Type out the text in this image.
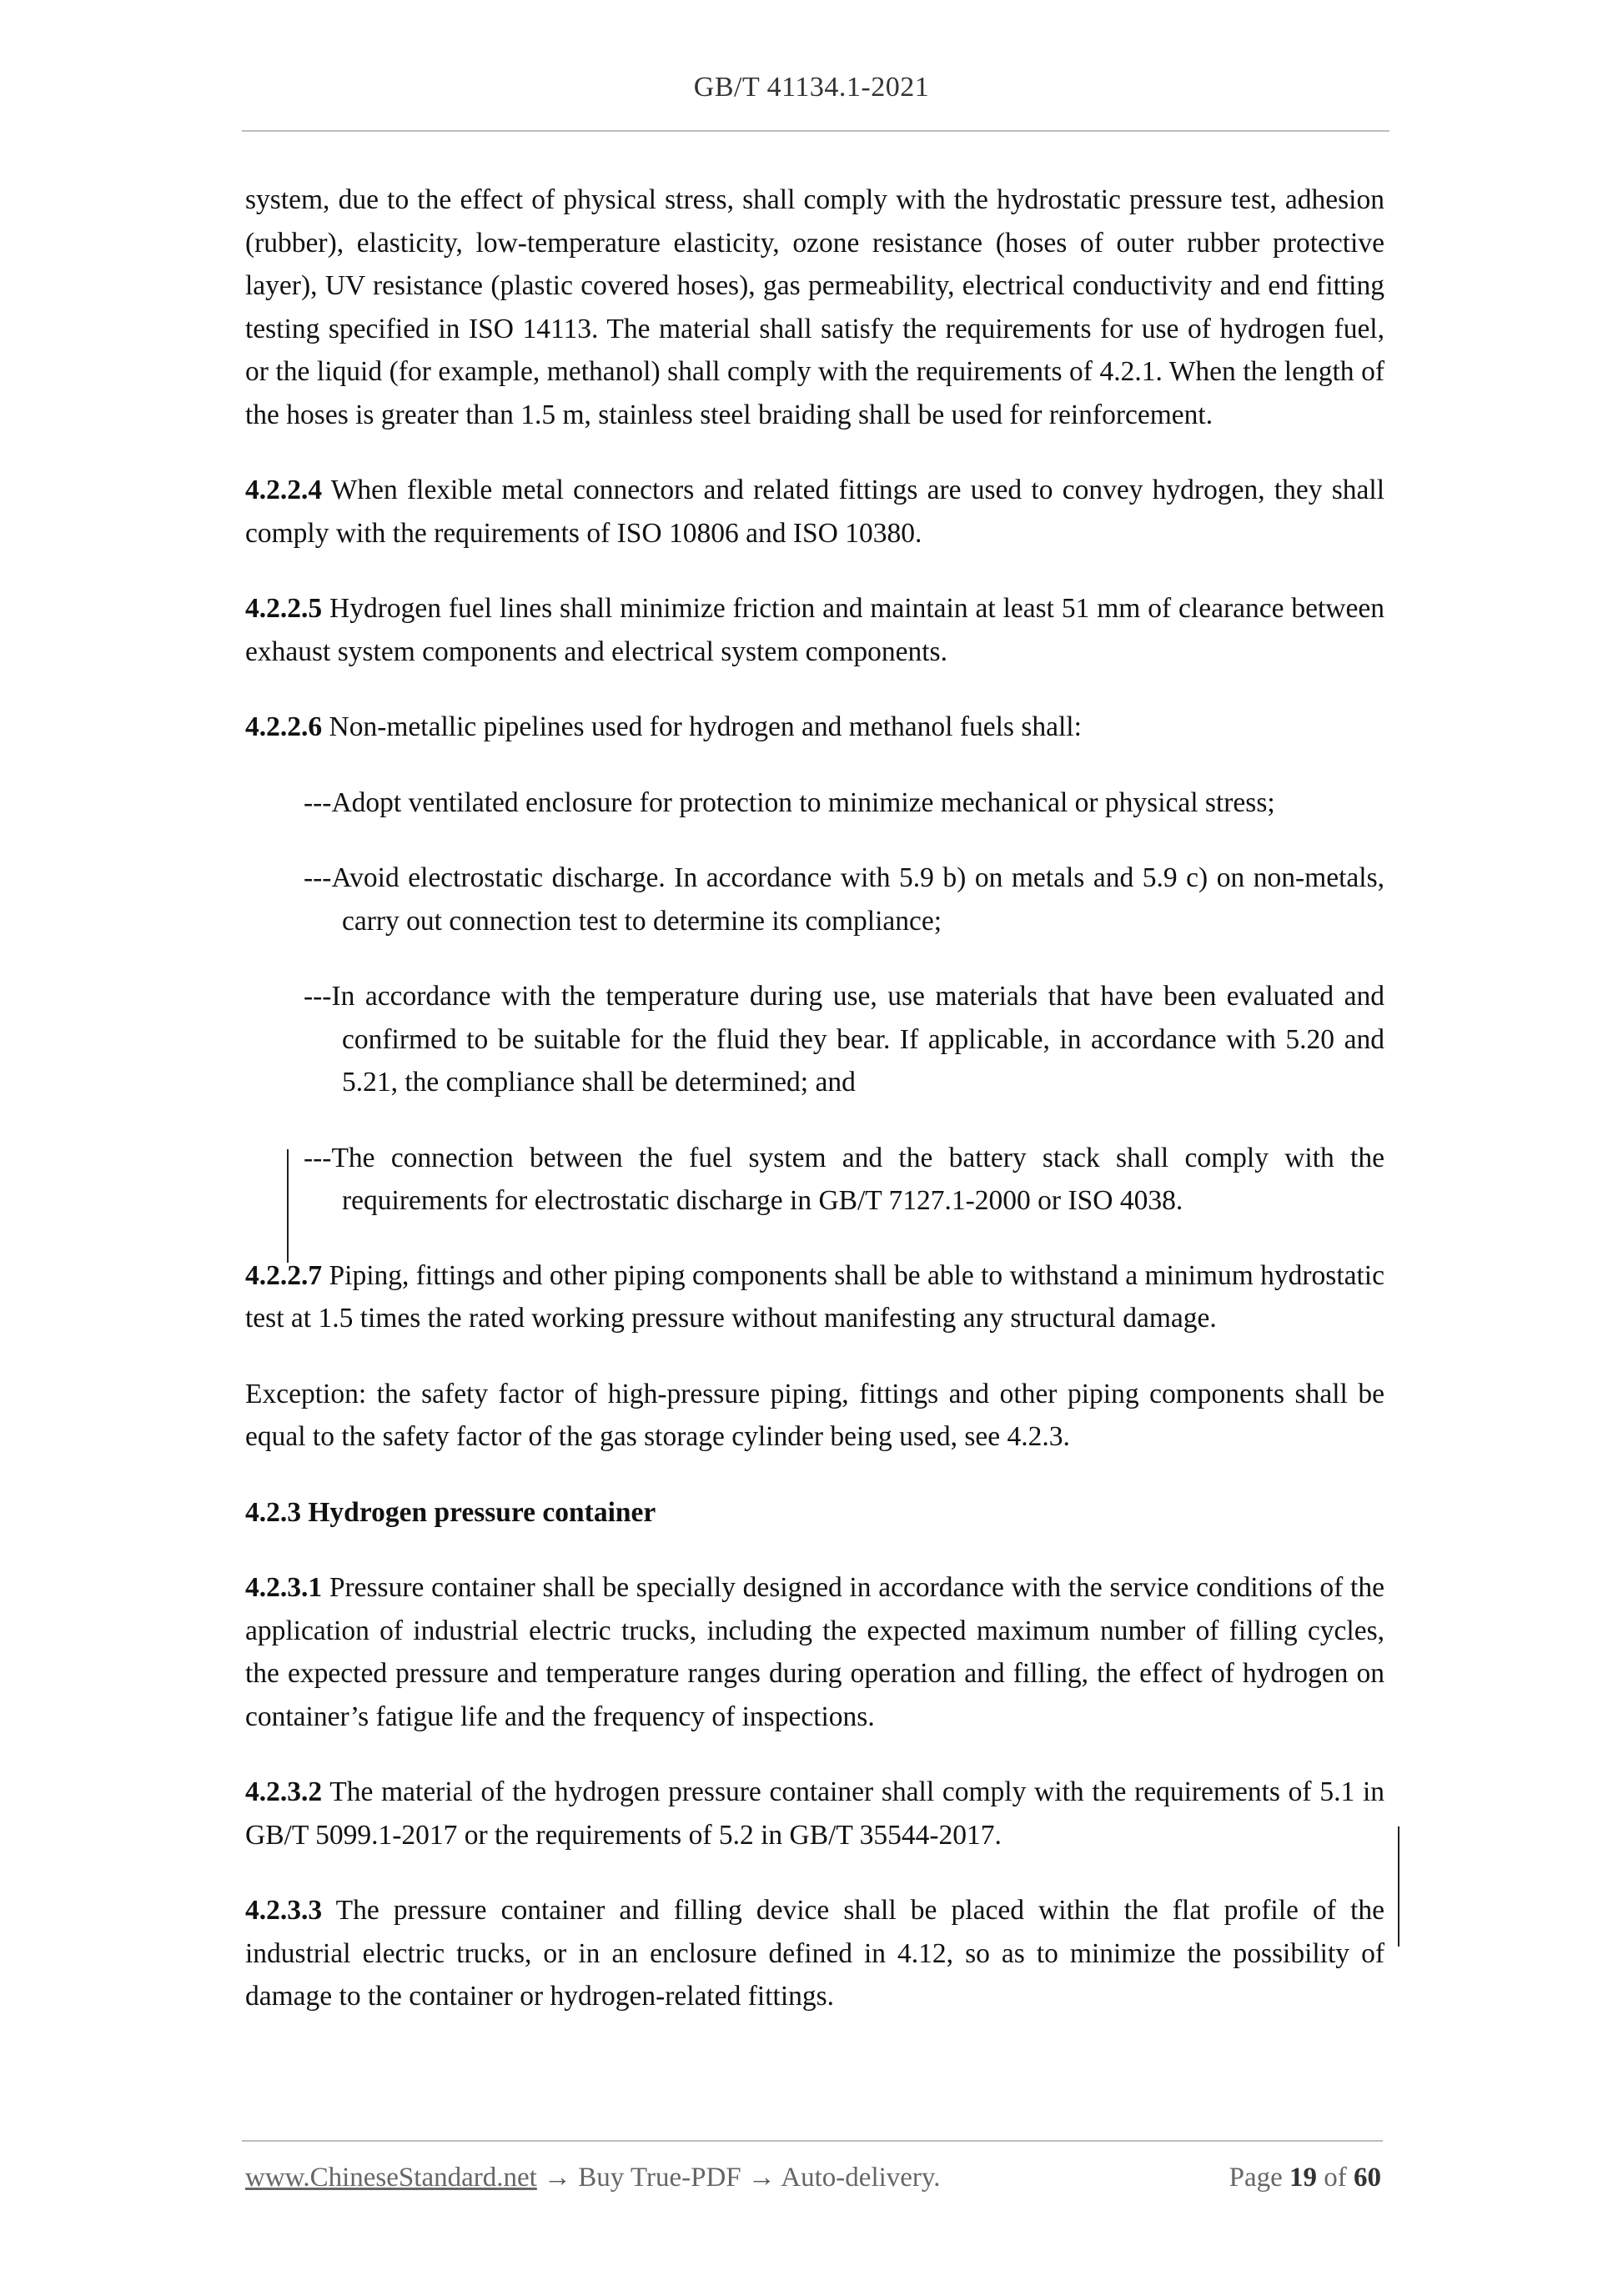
GB/T 41134.1-2021

system, due to the effect of physical stress, shall comply with the hydrostatic pressure test, adhesion (rubber), elasticity, low-temperature elasticity, ozone resistance (hoses of outer rubber protective layer), UV resistance (plastic covered hoses), gas permeability, electrical conductivity and end fitting testing specified in ISO 14113. The material shall satisfy the requirements for use of hydrogen fuel, or the liquid (for example, methanol) shall comply with the requirements of 4.2.1. When the length of the hoses is greater than 1.5 m, stainless steel braiding shall be used for reinforcement.

4.2.2.4 When flexible metal connectors and related fittings are used to convey hydrogen, they shall comply with the requirements of ISO 10806 and ISO 10380.

4.2.2.5 Hydrogen fuel lines shall minimize friction and maintain at least 51 mm of clearance between exhaust system components and electrical system components.

4.2.2.6 Non-metallic pipelines used for hydrogen and methanol fuels shall:

---Adopt ventilated enclosure for protection to minimize mechanical or physical stress;

---Avoid electrostatic discharge. In accordance with 5.9 b) on metals and 5.9 c) on non-metals, carry out connection test to determine its compliance;

---In accordance with the temperature during use, use materials that have been evaluated and confirmed to be suitable for the fluid they bear. If applicable, in accordance with 5.20 and 5.21, the compliance shall be determined; and

---The connection between the fuel system and the battery stack shall comply with the requirements for electrostatic discharge in GB/T 7127.1-2000 or ISO 4038.

4.2.2.7 Piping, fittings and other piping components shall be able to withstand a minimum hydrostatic test at 1.5 times the rated working pressure without manifesting any structural damage.

Exception: the safety factor of high-pressure piping, fittings and other piping components shall be equal to the safety factor of the gas storage cylinder being used, see 4.2.3.

4.2.3 Hydrogen pressure container

4.2.3.1 Pressure container shall be specially designed in accordance with the service conditions of the application of industrial electric trucks, including the expected maximum number of filling cycles, the expected pressure and temperature ranges during operation and filling, the effect of hydrogen on container’s fatigue life and the frequency of inspections.

4.2.3.2 The material of the hydrogen pressure container shall comply with the requirements of 5.1 in GB/T 5099.1-2017 or the requirements of 5.2 in GB/T 35544-2017.

4.2.3.3 The pressure container and filling device shall be placed within the flat profile of the industrial electric trucks, or in an enclosure defined in 4.12, so as to minimize the possibility of damage to the container or hydrogen-related fittings.

www.ChineseStandard.net → Buy True-PDF → Auto-delivery.	Page 19 of 60
